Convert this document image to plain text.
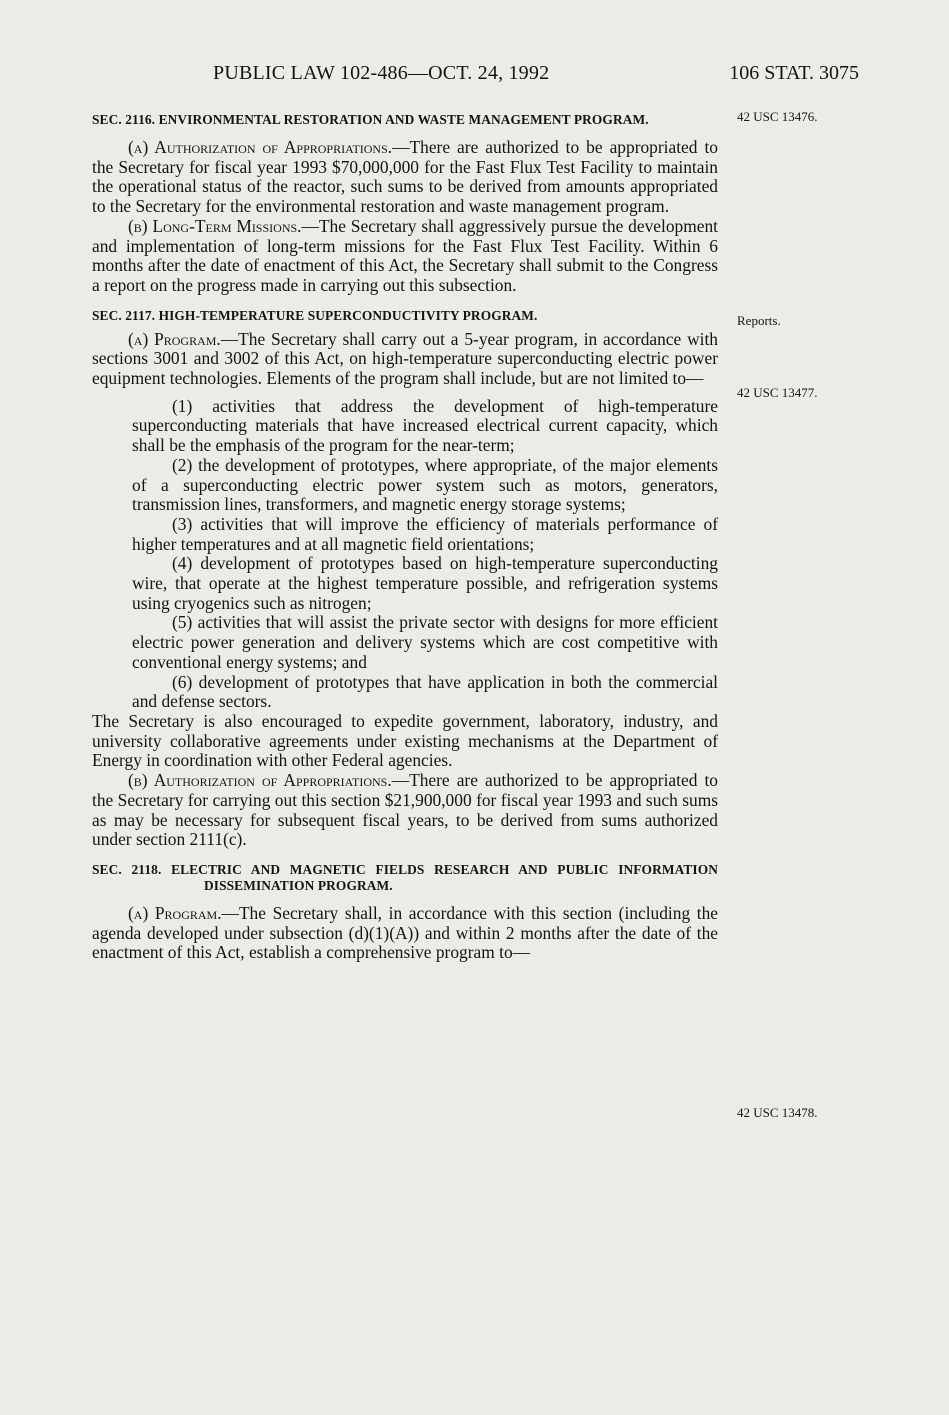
PUBLIC LAW 102-486—OCT. 24, 1992	106 STAT. 3075
42 USC 13476.
Reports.
42 USC 13477.
42 USC 13478.
SEC. 2116. ENVIRONMENTAL RESTORATION AND WASTE MANAGEMENT PROGRAM.

(a) Authorization of Appropriations.—There are authorized to be appropriated to the Secretary for fiscal year 1993 $70,000,000 for the Fast Flux Test Facility to maintain the operational status of the reactor, such sums to be derived from amounts appropriated to the Secretary for the environmental restoration and waste management program.

(b) Long-Term Missions.—The Secretary shall aggressively pursue the development and implementation of long-term missions for the Fast Flux Test Facility. Within 6 months after the date of enactment of this Act, the Secretary shall submit to the Congress a report on the progress made in carrying out this subsection.

SEC. 2117. HIGH-TEMPERATURE SUPERCONDUCTIVITY PROGRAM.

(a) Program.—The Secretary shall carry out a 5-year program, in accordance with sections 3001 and 3002 of this Act, on high-temperature superconducting electric power equipment technologies. Elements of the program shall include, but are not limited to—

(1) activities that address the development of high-temperature superconducting materials that have increased electrical current capacity, which shall be the emphasis of the program for the near-term;

(2) the development of prototypes, where appropriate, of the major elements of a superconducting electric power system such as motors, generators, transmission lines, transformers, and magnetic energy storage systems;

(3) activities that will improve the efficiency of materials performance of higher temperatures and at all magnetic field orientations;

(4) development of prototypes based on high-temperature superconducting wire, that operate at the highest temperature possible, and refrigeration systems using cryogenics such as nitrogen;

(5) activities that will assist the private sector with designs for more efficient electric power generation and delivery systems which are cost competitive with conventional energy systems; and

(6) development of prototypes that have application in both the commercial and defense sectors.

The Secretary is also encouraged to expedite government, laboratory, industry, and university collaborative agreements under existing mechanisms at the Department of Energy in coordination with other Federal agencies.

(b) Authorization of Appropriations.—There are authorized to be appropriated to the Secretary for carrying out this section $21,900,000 for fiscal year 1993 and such sums as may be necessary for subsequent fiscal years, to be derived from sums authorized under section 2111(c).

SEC. 2118. ELECTRIC AND MAGNETIC FIELDS RESEARCH AND PUBLIC INFORMATION DISSEMINATION PROGRAM.

(a) Program.—The Secretary shall, in accordance with this section (including the agenda developed under subsection (d)(1)(A)) and within 2 months after the date of the enactment of this Act, establish a comprehensive program to—
